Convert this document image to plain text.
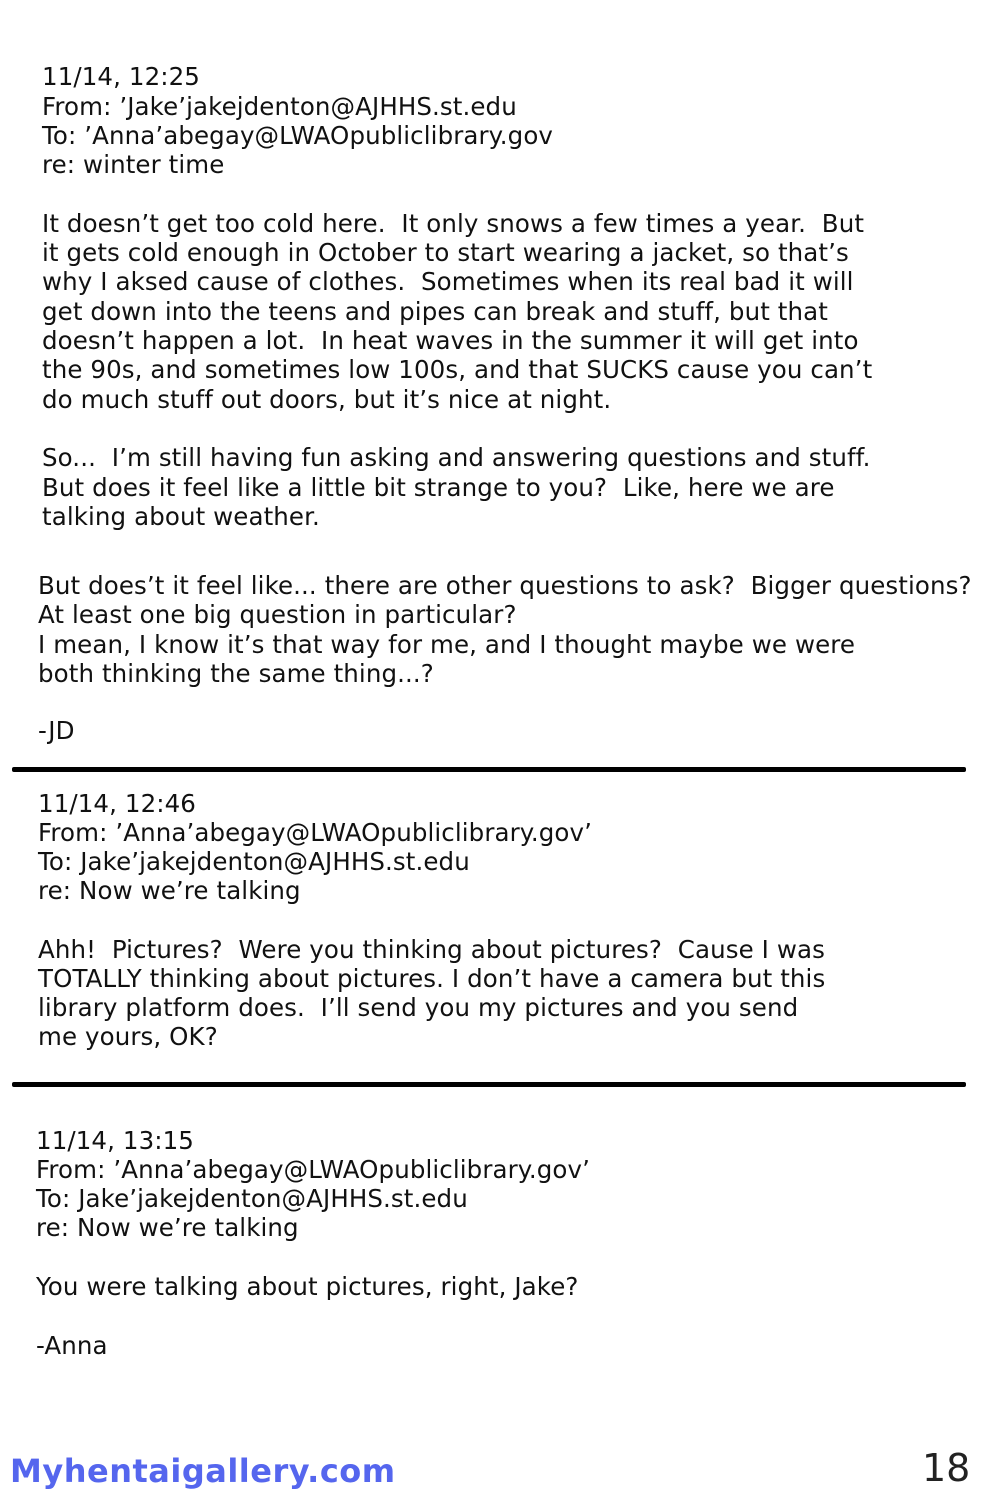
11/14, 12:25
From: ’Jake’jakejdenton@AJHHS.st.edu
To: ’Anna’abegay@LWAOpubliclibrary.gov
re: winter time
It doesn’t get too cold here.  It only snows a few times a year.  But
it gets cold enough in October to start wearing a jacket, so that’s
why I aksed cause of clothes.  Sometimes when its real bad it will
get down into the teens and pipes can break and stuff, but that
doesn’t happen a lot.  In heat waves in the summer it will get into
the 90s, and sometimes low 100s, and that SUCKS cause you can’t
do much stuff out doors, but it’s nice at night.
So...  I’m still having fun asking and answering questions and stuff.
But does it feel like a little bit strange to you?  Like, here we are
talking about weather.
But does’t it feel like... there are other questions to ask?  Bigger questions?
At least one big question in particular?
I mean, I know it’s that way for me, and I thought maybe we were
both thinking the same thing...?
-JD
11/14, 12:46
From: ’Anna’abegay@LWAOpubliclibrary.gov’
To: Jake’jakejdenton@AJHHS.st.edu
re: Now we’re talking
Ahh!  Pictures?  Were you thinking about pictures?  Cause I was
TOTALLY thinking about pictures. I don’t have a camera but this
library platform does.  I’ll send you my pictures and you send
me yours, OK?
11/14, 13:15
From: ’Anna’abegay@LWAOpubliclibrary.gov’
To: Jake’jakejdenton@AJHHS.st.edu
re: Now we’re talking
You were talking about pictures, right, Jake?
-Anna
Myhentaigallery.com	18
